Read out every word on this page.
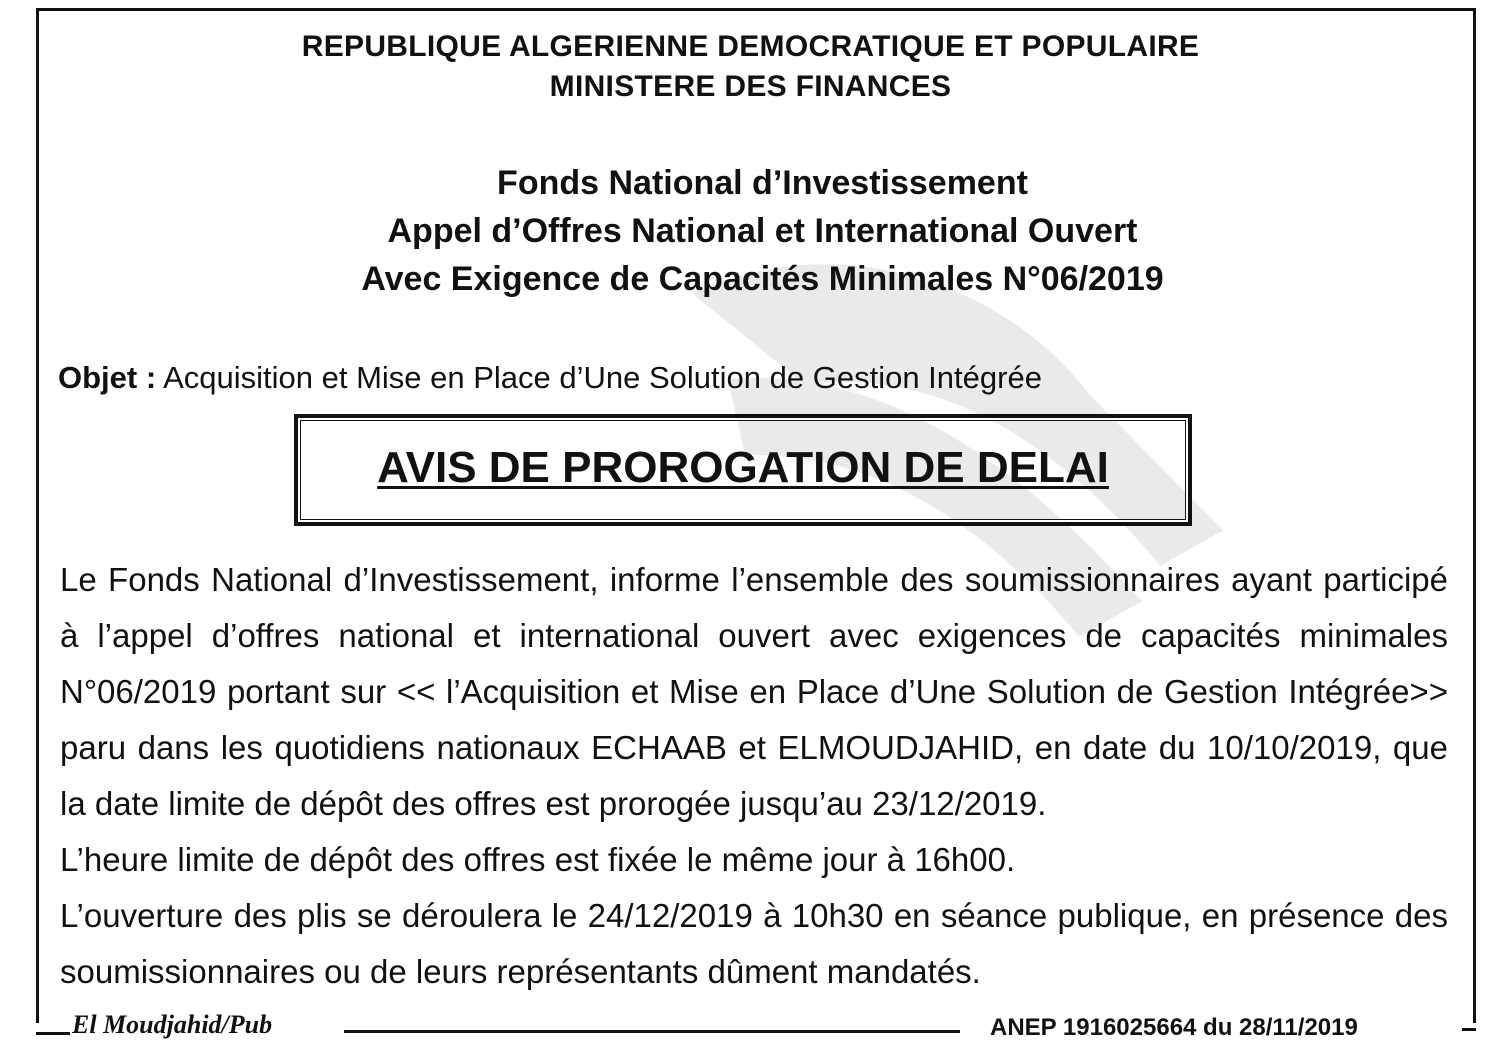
REPUBLIQUE ALGERIENNE DEMOCRATIQUE ET POPULAIRE
MINISTERE DES FINANCES
Fonds National d’Investissement
Appel d’Offres National et International Ouvert
Avec Exigence de Capacités Minimales N°06/2019
Objet : Acquisition et Mise en Place d’Une Solution de Gestion Intégrée
AVIS DE PROROGATION DE DELAI

Le Fonds National d’Investissement, informe l’ensemble des soumissionnaires ayant participé à l’appel d’offres national et international ouvert avec exigences de capacités minimales N°06/2019 portant sur << l’Acquisition et Mise en Place d’Une Solution de Gestion Intégrée>> paru dans les quotidiens nationaux ECHAAB et ELMOUDJAHID, en date du 10/10/2019, que la date limite de dépôt des offres est prorogée jusqu’au 23/12/2019.

L’heure limite de dépôt des offres est fixée le même jour à 16h00.

L’ouverture des plis se déroulera le 24/12/2019 à 10h30 en séance publique, en présence des soumissionnaires ou de leurs représentants dûment mandatés.

El Moudjahid/Pub	ANEP 1916025664 du 28/11/2019
